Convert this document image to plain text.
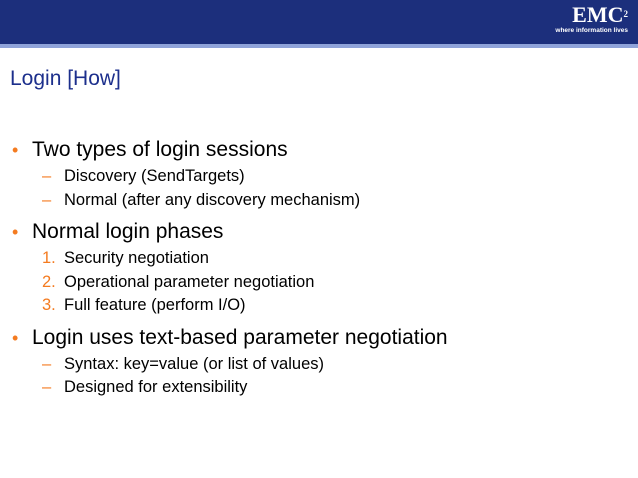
EMC$^2$
where information lives
Login [How]
• Two types of login sessions
– Discovery (SendTargets)
– Normal (after any discovery mechanism)
• Normal login phases
1. Security negotiation
2. Operational parameter negotiation
3. Full feature (perform I/O)
• Login uses text-based parameter negotiation
– Syntax: key=value (or list of values)
– Designed for extensibility
